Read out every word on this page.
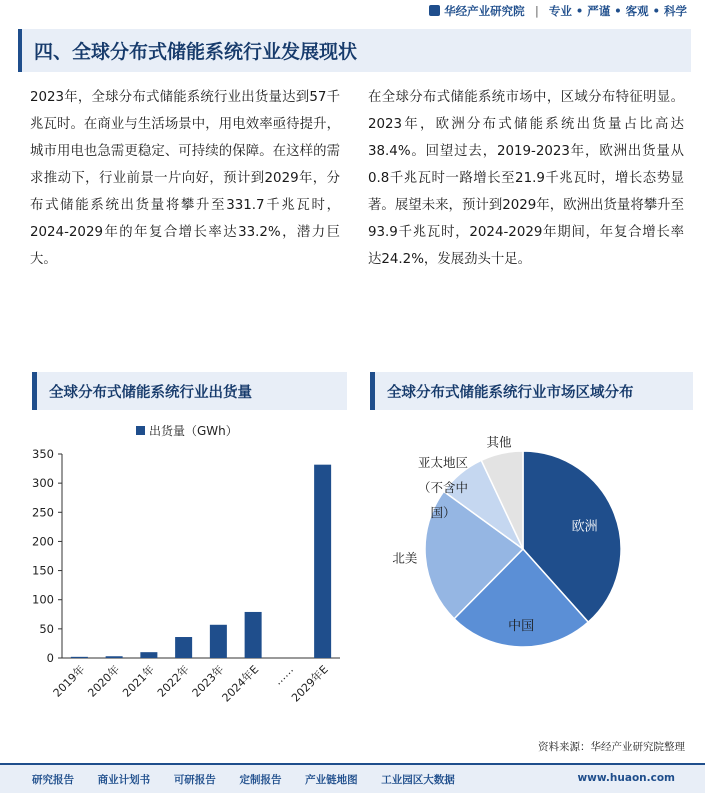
华经产业研究院 | 专业 • 严谨 • 客观 • 科学
四、全球分布式储能系统行业发展现状
2023年，全球分布式储能系统行业出货量达到57千兆瓦时。在商业与生活场景中，用电效率亟待提升，城市用电也急需更稳定、可持续的保障。在这样的需求推动下，行业前景一片向好，预计到2029年，分布式储能系统出货量将攀升至331.7千兆瓦时，2024-2029年的年复合增长率达33.2%，潜力巨大。
在全球分布式储能系统市场中，区域分布特征明显。2023年，欧洲分布式储能系统出货量占比高达38.4%。回望过去，2019-2023年，欧洲出货量从0.8千兆瓦时一路增长至21.9千兆瓦时，增长态势显著。展望未来，预计到2029年，欧洲出货量将攀升至93.9千兆瓦时，2024-2029年期间，年复合增长率达24.2%，发展劲头十足。
全球分布式储能系统行业出货量	全球分布式储能系统行业市场区域分布
0
50
100
150
200
250
300
350
出货量（GWh）
2019年
2020年
2021年
2022年
2023年
2024年E ……
2029年E
欧洲
中国
北美
其他
亚太地区
（不含中
国）
资料来源：华经产业研究院整理
研究报告 商业计划书 可研报告 定制报告 产业链地图 工业园区大数据	www.huaon.com
